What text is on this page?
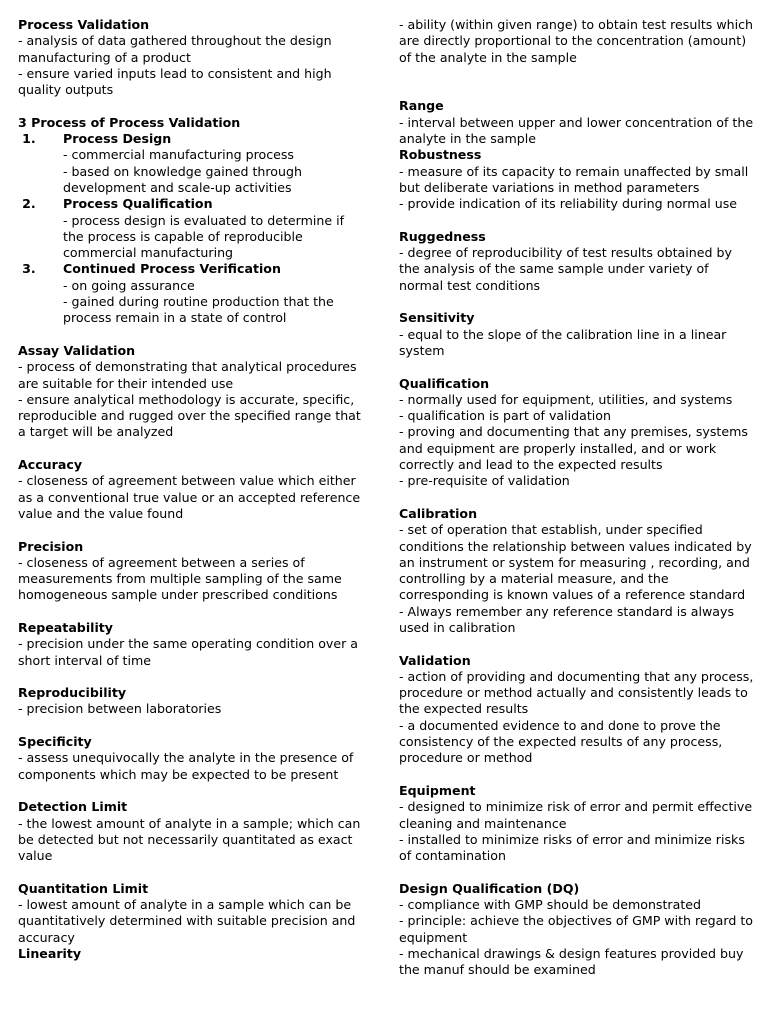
Process Validation
- analysis of data gathered throughout the design manufacturing of a product
- ensure varied inputs lead to consistent and high quality outputs
3 Process of Process Validation
1. Process Design
- commercial manufacturing process
- based on knowledge gained through development and scale-up activities
2. Process Qualification
- process design is evaluated to determine if the process is capable of reproducible commercial manufacturing
3. Continued Process Verification
- on going assurance
- gained during routine production that the process remain in a state of control
Assay Validation
- process of demonstrating that analytical procedures are suitable for their intended use
- ensure analytical methodology is accurate, specific, reproducible and rugged over the specified range that a target will be analyzed
Accuracy
- closeness of agreement between value which either as a conventional true value or an accepted reference value and the value found
Precision
- closeness of agreement between a series of measurements from multiple sampling of the same homogeneous sample under prescribed conditions
Repeatability
- precision under the same operating condition over a short interval of time
Reproducibility
- precision between laboratories
Specificity
- assess unequivocally the analyte in the presence of components which may be expected to be present
Detection Limit
- the lowest amount of analyte in a sample; which can be detected but not necessarily quantitated as exact value
Quantitation Limit
- lowest amount of analyte in a sample which can be quantitatively determined with suitable precision and accuracy
Linearity
- ability (within given range) to obtain test results which are directly proportional to the concentration (amount) of the analyte in the sample
Range
- interval between upper and lower concentration of the analyte in the sample
Robustness
- measure of its capacity to remain unaffected by small but deliberate variations in method parameters
- provide indication of its reliability during normal use
Ruggedness
- degree of reproducibility of test results obtained by the analysis of the same sample under variety of normal test conditions
Sensitivity
- equal to the slope of the calibration line in a linear system
Qualification
- normally used for equipment, utilities, and systems
- qualification is part of validation
- proving and documenting that any premises, systems and equipment are properly installed, and or work correctly and lead to the expected results
- pre-requisite of validation
Calibration
- set of operation that establish, under specified conditions the relationship between values indicated by an instrument or system for measuring , recording, and controlling by a material measure, and the corresponding is known values of a reference standard
- Always remember any reference standard is always used in calibration
Validation
- action of providing and documenting that any process, procedure or method actually and consistently leads to the expected results
- a documented evidence to and done to prove the consistency of the expected results of any process, procedure or method
Equipment
- designed to minimize risk of error and permit effective cleaning and maintenance
- installed to minimize risks of error and minimize risks of contamination
Design Qualification (DQ)
- compliance with GMP should be demonstrated
- principle: achieve the objectives of GMP with regard to equipment
- mechanical drawings & design features provided buy the manuf should be examined
